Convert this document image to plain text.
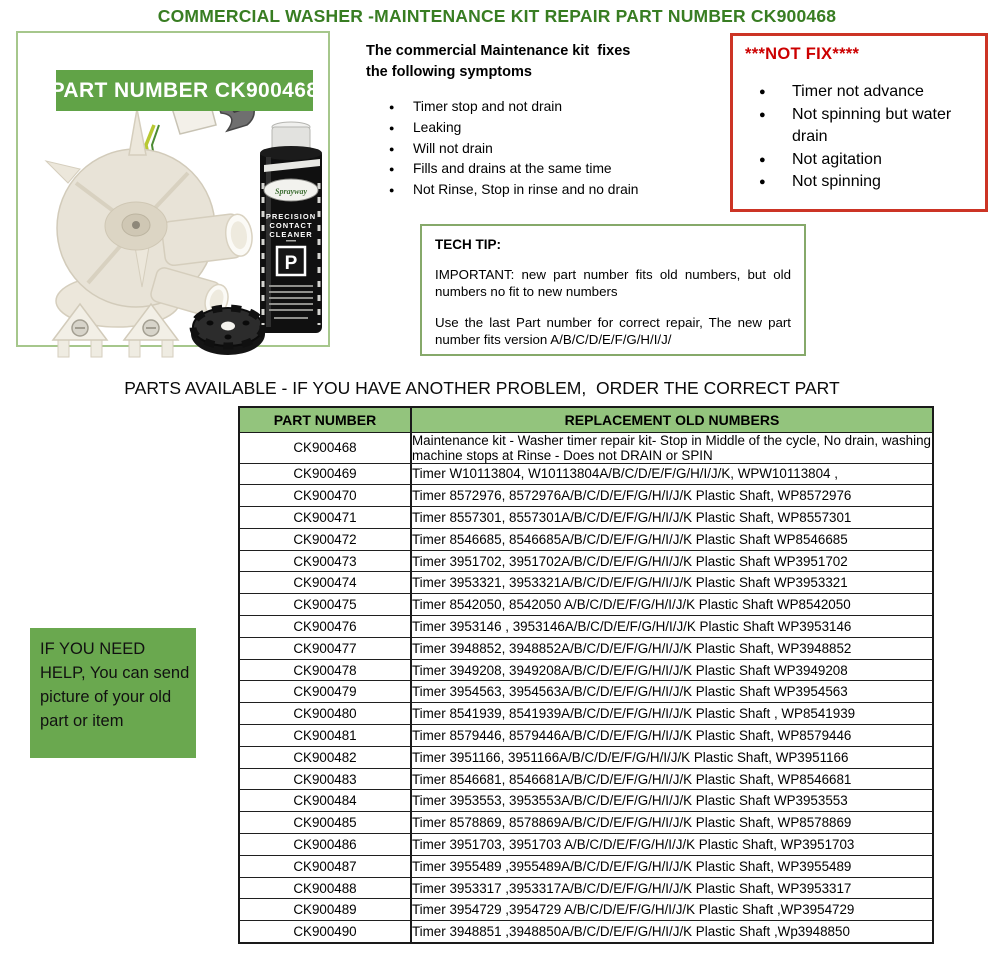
COMMERCIAL WASHER -MAINTENANCE KIT REPAIR PART NUMBER CK900468
Sprayway
PRECISION
CONTACT
CLEANER
P
PART NUMBER CK900468
The commercial Maintenance kit  fixes
the following symptoms
●	Timer stop and not drain
●	Leaking
●	Will not drain
●	Fills and drains at the same time
●	Not Rinse, Stop in rinse and no drain
***NOT FIX****
●	Timer not advance
●	Not spinning but water drain
●	Not agitation
●	Not spinning
TECH TIP:

IMPORTANT: new part number fits old numbers, but old numbers no fit to new numbers

Use the last Part number for correct repair, The new part number fits version A/B/C/D/E/F/G/H/I/J/

PARTS AVAILABLE - IF YOU HAVE ANOTHER PROBLEM,  ORDER THE CORRECT PART
PART NUMBER	REPLACEMENT OLD NUMBERS
CK900468	Maintenance kit - Washer timer repair kit- Stop in Middle of the cycle, No drain, washing machine stops at Rinse - Does not DRAIN or SPIN
CK900469	Timer W10113804, W10113804A/B/C/D/E/F/G/H/I/J/K, WPW10113804 ,
CK900470	Timer 8572976, 8572976A/B/C/D/E/F/G/H/I/J/K Plastic Shaft, WP8572976
CK900471	Timer 8557301, 8557301A/B/C/D/E/F/G/H/I/J/K Plastic Shaft, WP8557301
CK900472	Timer 8546685, 8546685A/B/C/D/E/F/G/H/I/J/K Plastic Shaft WP8546685
CK900473	Timer 3951702, 3951702A/B/C/D/E/F/G/H/I/J/K Plastic Shaft WP3951702
CK900474	Timer 3953321, 3953321A/B/C/D/E/F/G/H/I/J/K Plastic Shaft WP3953321
CK900475	Timer 8542050, 8542050 A/B/C/D/E/F/G/H/I/J/K Plastic Shaft WP8542050
CK900476	Timer 3953146 , 3953146A/B/C/D/E/F/G/H/I/J/K Plastic Shaft WP3953146
CK900477	Timer 3948852, 3948852A/B/C/D/E/F/G/H/I/J/K Plastic Shaft, WP3948852
CK900478	Timer 3949208, 3949208A/B/C/D/E/F/G/H/I/J/K Plastic Shaft WP3949208
CK900479	Timer 3954563, 3954563A/B/C/D/E/F/G/H/I/J/K Plastic Shaft WP3954563
CK900480	Timer 8541939, 8541939A/B/C/D/E/F/G/H/I/J/K Plastic Shaft , WP8541939
CK900481	Timer 8579446, 8579446A/B/C/D/E/F/G/H/I/J/K Plastic Shaft, WP8579446
CK900482	Timer 3951166, 3951166A/B/C/D/E/F/G/H/I/J/K Plastic Shaft, WP3951166
CK900483	Timer 8546681, 8546681A/B/C/D/E/F/G/H/I/J/K Plastic Shaft, WP8546681
CK900484	Timer 3953553, 3953553A/B/C/D/E/F/G/H/I/J/K Plastic Shaft WP3953553
CK900485	Timer 8578869, 8578869A/B/C/D/E/F/G/H/I/J/K Plastic Shaft, WP8578869
CK900486	Timer 3951703, 3951703 A/B/C/D/E/F/G/H/I/J/K Plastic Shaft, WP3951703
CK900487	Timer 3955489 ,3955489A/B/C/D/E/F/G/H/I/J/K Plastic Shaft, WP3955489
CK900488	Timer 3953317 ,3953317A/B/C/D/E/F/G/H/I/J/K Plastic Shaft, WP3953317
CK900489	Timer 3954729 ,3954729 A/B/C/D/E/F/G/H/I/J/K Plastic Shaft ,WP3954729
CK900490	Timer 3948851 ,3948850A/B/C/D/E/F/G/H/I/J/K Plastic Shaft ,Wp3948850
IF YOU NEED HELP, You can send picture of your old part or item
